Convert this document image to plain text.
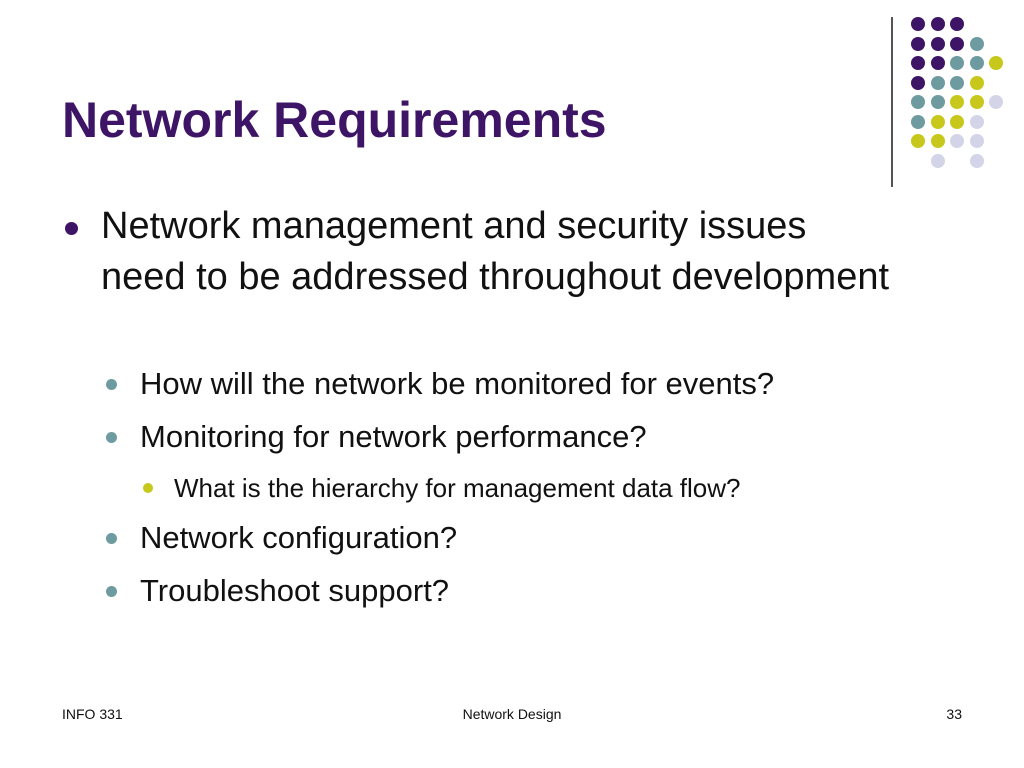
Network Requirements
Network management and security issues need to be addressed throughout development
How will the network be monitored for events?
Monitoring for network performance?
What is the hierarchy for management data flow?
Network configuration?
Troubleshoot support?
INFO 331	Network Design	33
